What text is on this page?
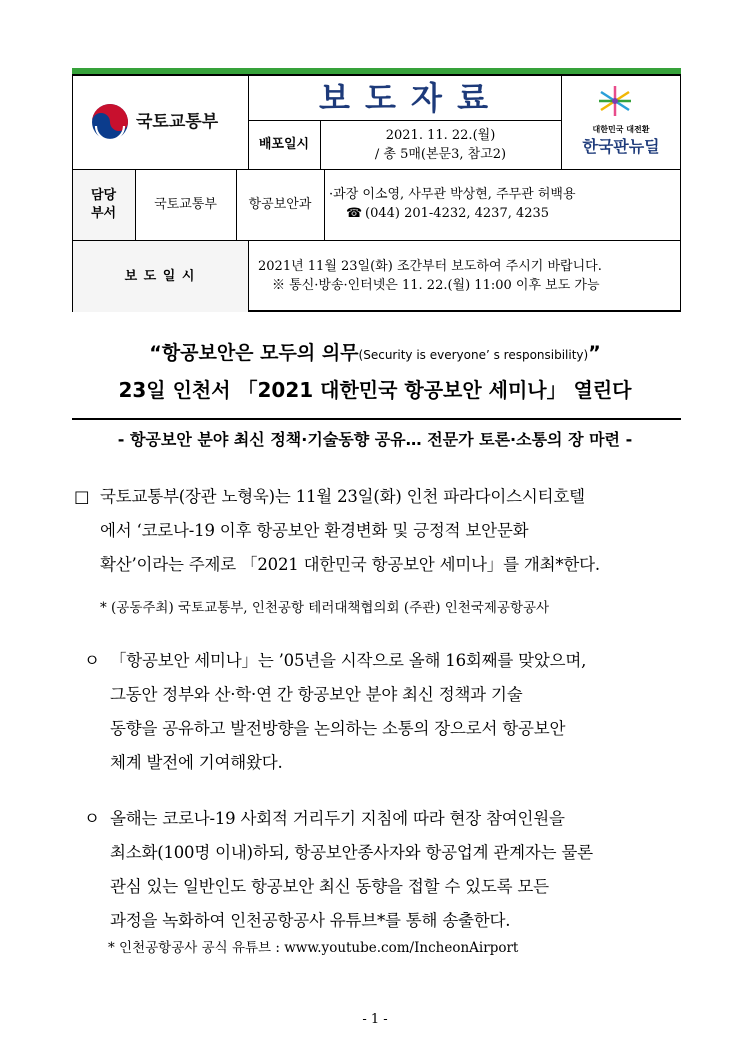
국토교통부
보 도 자 료
배포일시
2021. 11. 22.(월)
/ 총 5매(본문3, 참고2)
대한민국 대전환
한국판뉴딜
담당
부서
국토교통부	항공보안과
·과장 이소영, 사무관 박상현, 주무관 허백용
☎ (044) 201-4232, 4237, 4235
보 도 일 시
2021년 11월 23일(화) 조간부터 보도하여 주시기 바랍니다.
※ 통신·방송·인터넷은 11. 22.(월) 11:00 이후 보도 가능
“항공보안은 모두의 의무(Security is everyone’ s responsibility)”
23일 인천서 「2021 대한민국 항공보안 세미나」 열린다
- 항공보안 분야 최신 정책·기술동향 공유… 전문가 토론·소통의 장 마련 -
□ 국토교통부(장관 노형욱)는 11월 23일(화) 인천 파라다이스시티호텔
에서 ‘코로나-19 이후 항공보안 환경변화 및 긍정적 보안문화
확산’이라는 주제로 「2021 대한민국 항공보안 세미나」를 개최*한다.
* (공동주최) 국토교통부, 인천공항 테러대책협의회 (주관) 인천국제공항공사
ㅇ 「항공보안 세미나」는 ’05년을 시작으로 올해 16회째를 맞았으며,
그동안 정부와 산·학·연 간 항공보안 분야 최신 정책과 기술
동향을 공유하고 발전방향을 논의하는 소통의 장으로서 항공보안
체계 발전에 기여해왔다.
ㅇ 올해는 코로나-19 사회적 거리두기 지침에 따라 현장 참여인원을
최소화(100명 이내)하되, 항공보안종사자와 항공업계 관계자는 물론
관심 있는 일반인도 항공보안 최신 동향을 접할 수 있도록 모든
과정을 녹화하여 인천공항공사 유튜브*를 통해 송출한다.
* 인천공항공사 공식 유튜브 : www.youtube.com/IncheonAirport
- 1 -
